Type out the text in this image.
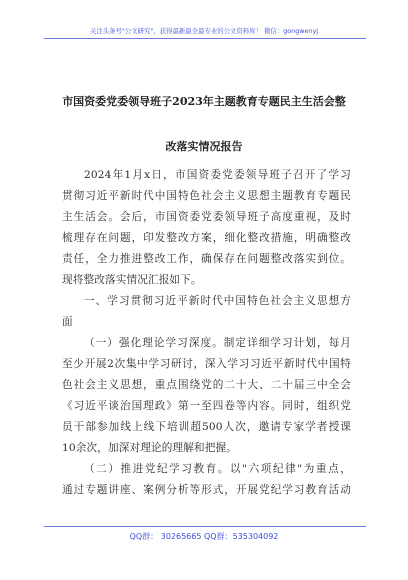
关注头条号"公文研究"，获得最新最全最专业的公文资料库！ 微信：gongwenyj
市国资委党委领导班子2023年主题教育专题民主生活会整
改落实情况报告
2024年1月x日，市国资委党委领导班子召开了学习
贯彻习近平新时代中国特色社会主义思想主题教育专题民
主生活会。会后，市国资委党委领导班子高度重视，及时
梳理存在问题，印发整改方案，细化整改措施，明确整改
责任，全力推进整改工作，确保存在问题整改落实到位。
现将整改落实情况汇报如下。
一、学习贯彻习近平新时代中国特色社会主义思想方
面
（一）强化理论学习深度。制定详细学习计划，每月
至少开展2次集中学习研讨，深入学习习近平新时代中国特
色社会主义思想，重点围绕党的二十大、二十届三中全会
《习近平谈治国理政》第一至四卷等内容。同时，组织党
员干部参加线上线下培训超500人次，邀请专家学者授课
10余次，加深对理论的理解和把握。
（二）推进党纪学习教育。以"六项纪律"为重点，
通过专题讲座、案例分析等形式，开展党纪学习教育活动
QQ群： 30265665 QQ群：535304092
